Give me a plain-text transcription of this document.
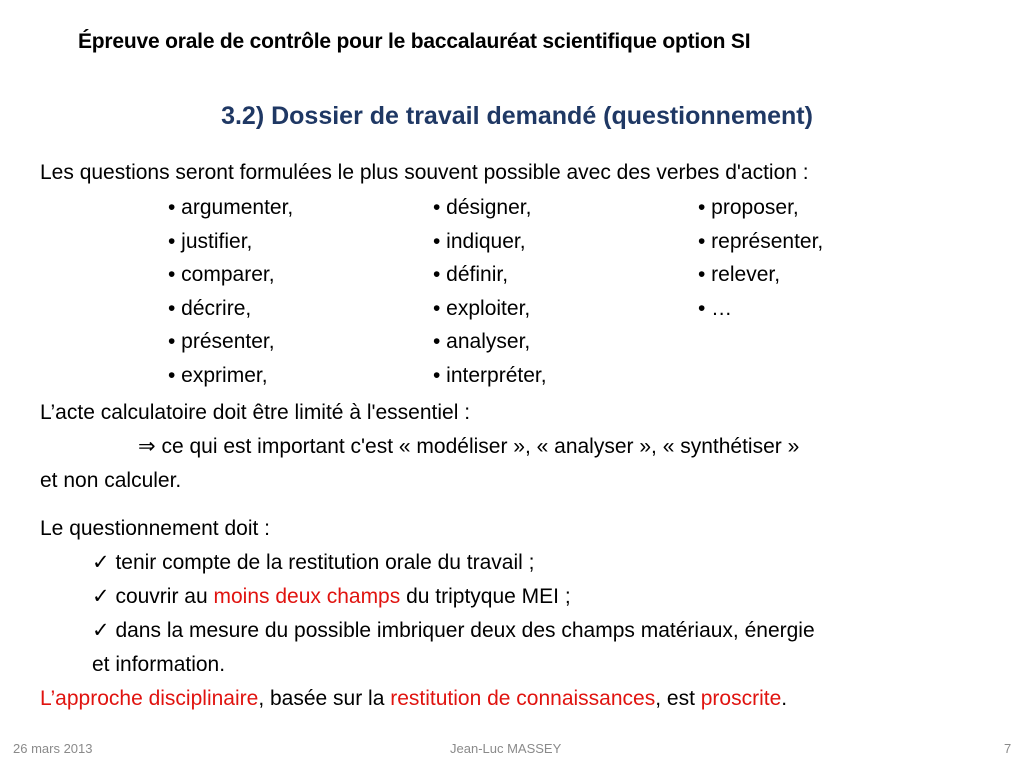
Épreuve orale de contrôle pour le baccalauréat scientifique option SI
3.2) Dossier de travail demandé (questionnement)
Les questions seront formulées le plus souvent possible avec des verbes d'action :
• argumenter,
• justifier,
• comparer,
• décrire,
• présenter,
• exprimer,
• désigner,
• indiquer,
• définir,
• exploiter,
• analyser,
• interpréter,
• proposer,
• représenter,
• relever,
• …
L’acte calculatoire doit être limité à l'essentiel :
⇒ ce qui est important c'est « modéliser », « analyser », « synthétiser »
et non calculer.
Le questionnement doit :
✓ tenir compte de la restitution orale du travail ;
✓ couvrir au moins deux champs du triptyque MEI ;
✓ dans la mesure du possible imbriquer deux des champs matériaux, énergie
et information.
L’approche disciplinaire, basée sur la restitution de connaissances, est proscrite.
26 mars 2013	Jean-Luc MASSEY	7
